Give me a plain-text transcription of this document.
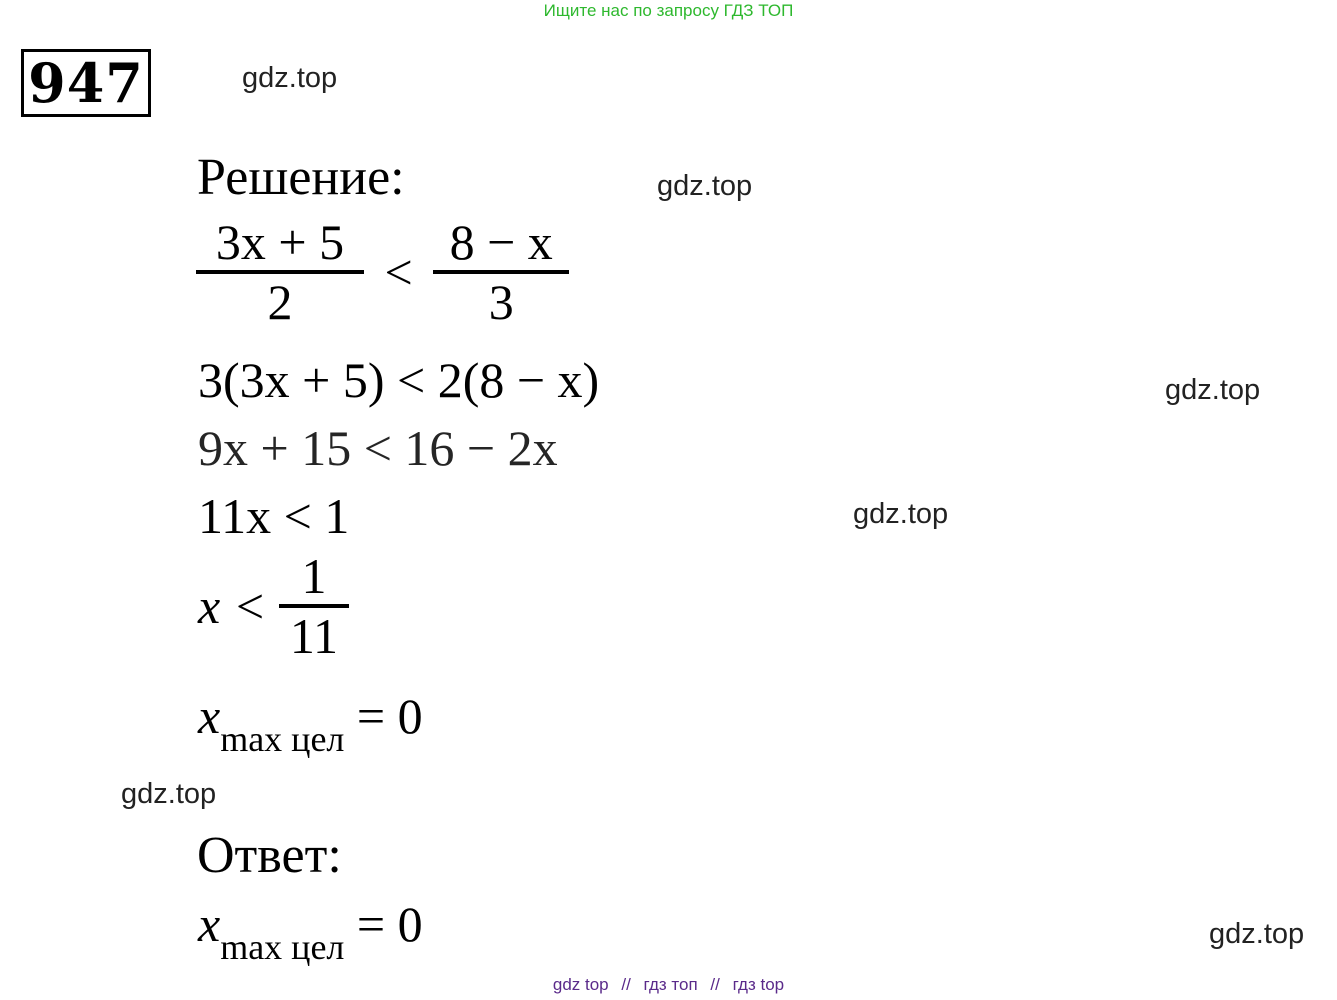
Ищите нас по запросу ГДЗ ТОП
947	gdz.top
gdz.top
gdz.top
gdz.top
gdz.top
gdz.top
Решение:
$\frac{3x + 5}{2} < \frac{8 - x}{3}$
3(3x + 5) < 2(8 − x)
9x + 15 < 16 − 2x
11x < 1
$x < \frac{1}{11}$
$x_{max цел} = 0$
Ответ:
$x_{max цел} = 0$
gdz top // гдз топ // гдз top
